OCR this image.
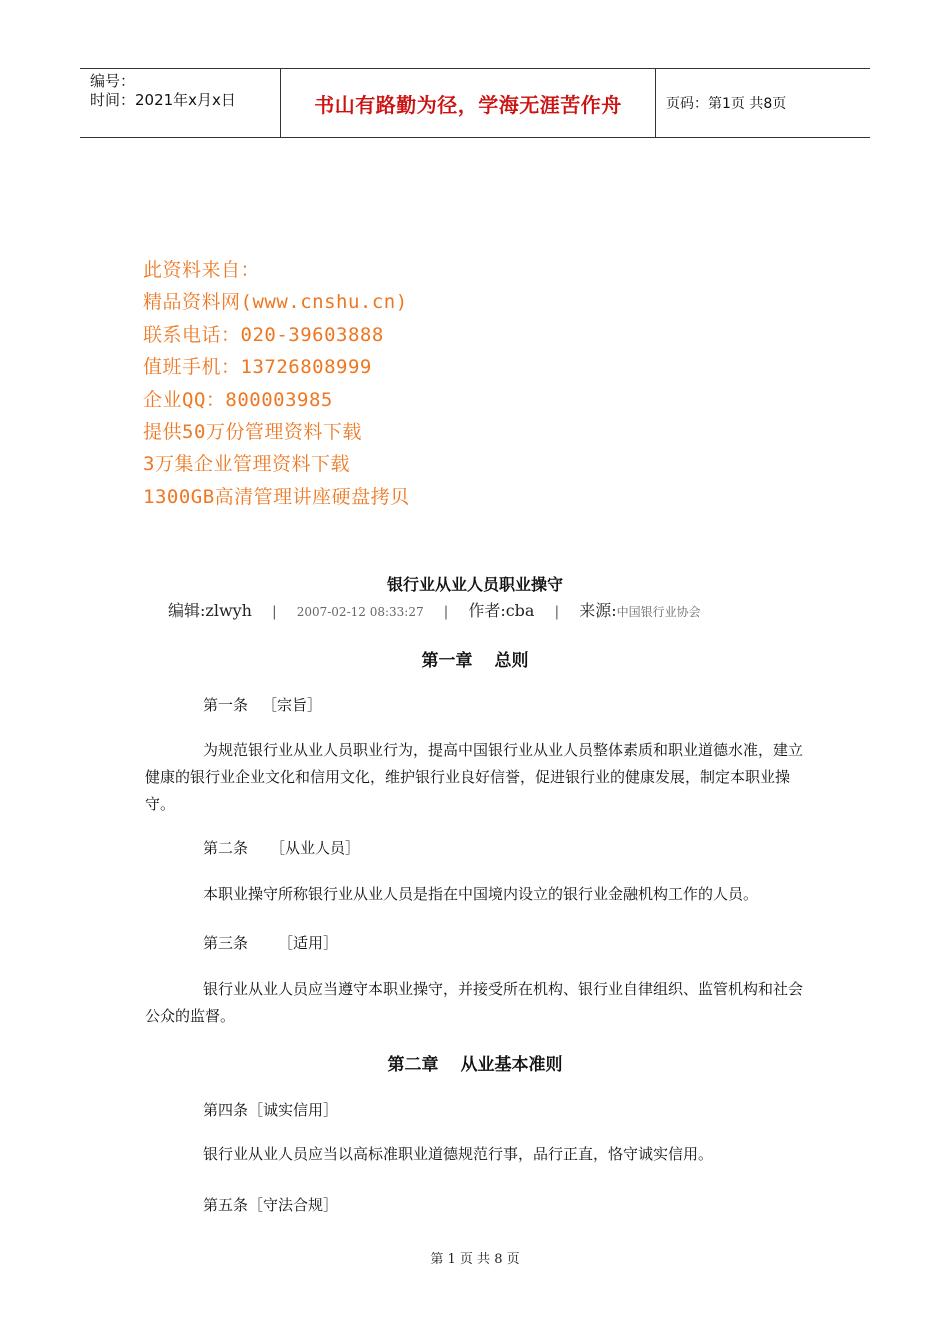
编号：
时间：2021年x月x日	书山有路勤为径，学海无涯苦作舟	页码：第1页 共8页
此资料来自：
精品资料网(www.cnshu.cn)
联系电话：020-39603888
值班手机：13726808999
企业QQ：800003985
提供50万份管理资料下载
3万集企业管理资料下载
1300GB高清管理讲座硬盘拷贝
银行业从业人员职业操守
编辑:zlwyh | 2007-02-12 08:33:27 | 作者:cba | 来源: 中国银行业协会
第一章 总则
第一条 ［宗旨］
为规范银行业从业人员职业行为，提高中国银行业从业人员整体素质和职业道德水准，建立健康的银行业企业文化和信用文化，维护银行业良好信誉，促进银行业的健康发展，制定本职业操守。
第二条 ［从业人员］
本职业操守所称银行业从业人员是指在中国境内设立的银行业金融机构工作的人员。
第三条 ［适用］
银行业从业人员应当遵守本职业操守，并接受所在机构、银行业自律组织、监管机构和社会公众的监督。
第二章 从业基本准则
第四条［诚实信用］
银行业从业人员应当以高标准职业道德规范行事，品行正直，恪守诚实信用。
第五条［守法合规］
第 1 页 共 8 页
